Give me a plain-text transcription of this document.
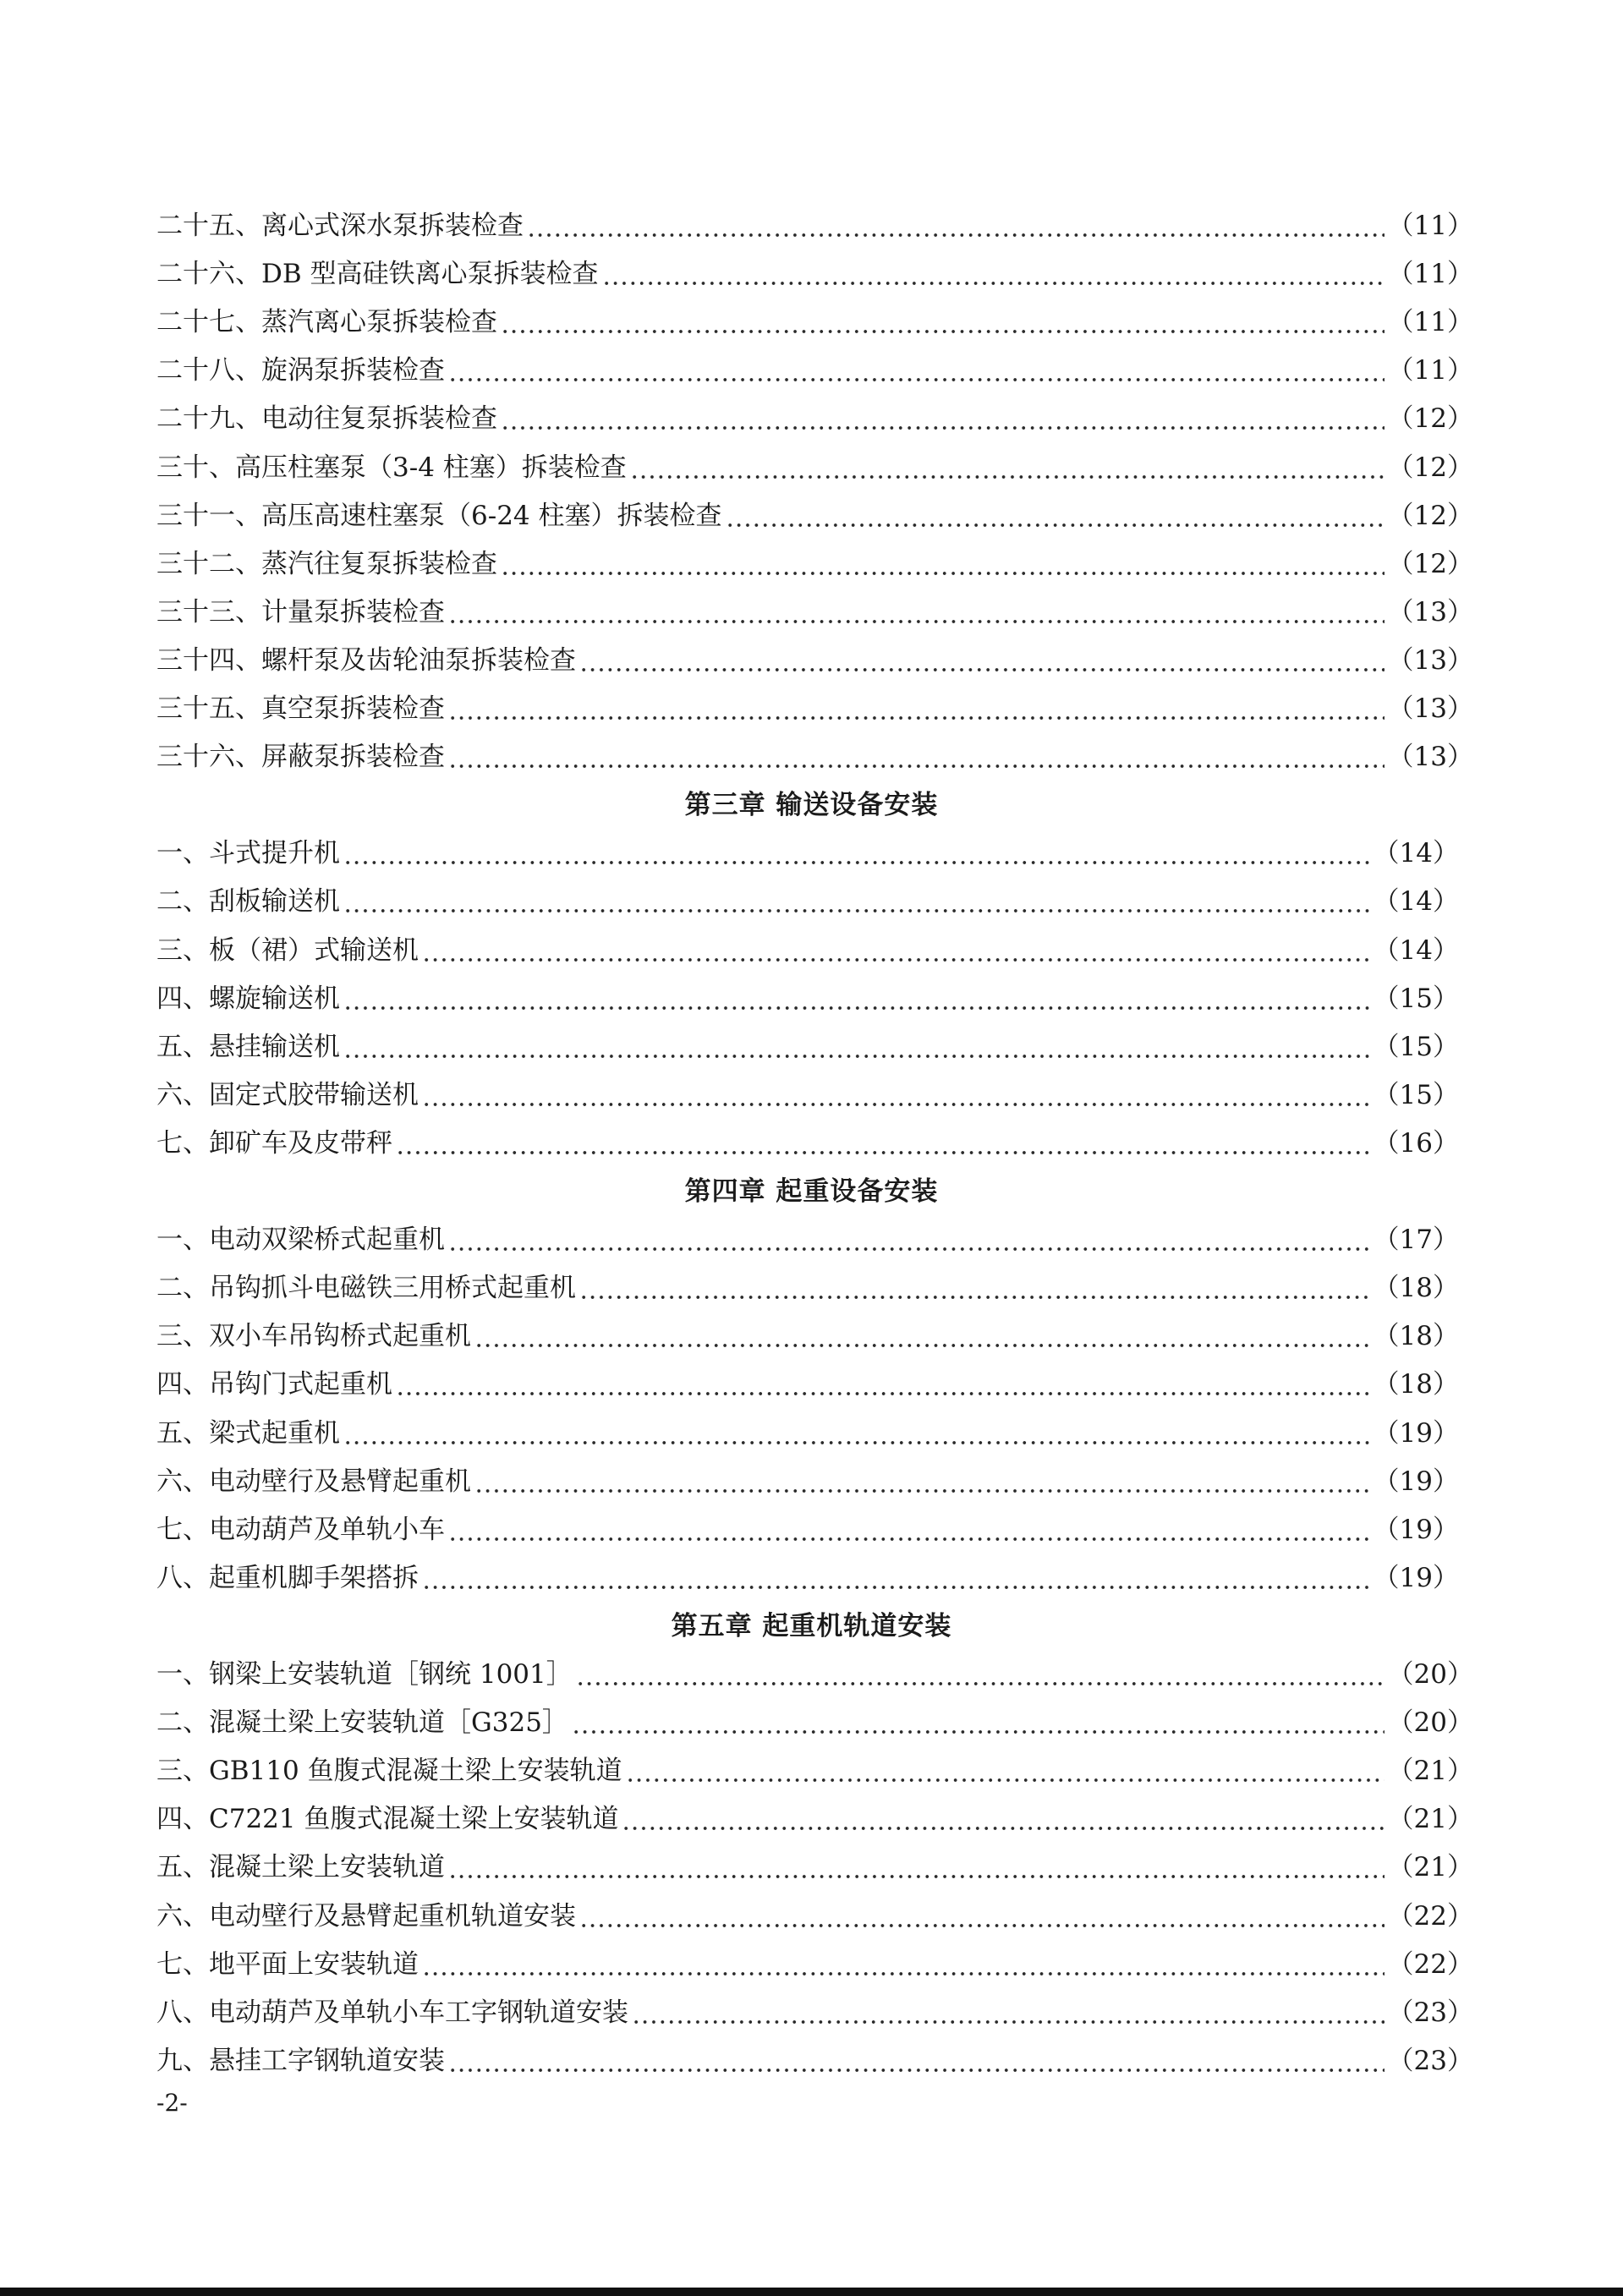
二十五、离心式深水泵拆装检查	（11）
二十六、DB 型高硅铁离心泵拆装检查	（11）
二十七、蒸汽离心泵拆装检查	（11）
二十八、旋涡泵拆装检查	（11）
二十九、电动往复泵拆装检查	（12）
三十、高压柱塞泵（3-4 柱塞）拆装检查	（12）
三十一、高压高速柱塞泵（6-24 柱塞）拆装检查	（12）
三十二、蒸汽往复泵拆装检查	（12）
三十三、计量泵拆装检查	（13）
三十四、螺杆泵及齿轮油泵拆装检查	（13）
三十五、真空泵拆装检查	（13）
三十六、屏蔽泵拆装检查	（13）
第三章 输送设备安装
一、斗式提升机	（14）
二、刮板输送机	（14）
三、板（裙）式输送机	（14）
四、螺旋输送机	（15）
五、悬挂输送机	（15）
六、固定式胶带输送机	（15）
七、卸矿车及皮带秤	（16）
第四章 起重设备安装
一、电动双梁桥式起重机	（17）
二、吊钩抓斗电磁铁三用桥式起重机	（18）
三、双小车吊钩桥式起重机	（18）
四、吊钩门式起重机	（18）
五、梁式起重机	（19）
六、电动壁行及悬臂起重机	（19）
七、电动葫芦及单轨小车	（19）
八、起重机脚手架搭拆	（19）
第五章 起重机轨道安装
一、钢梁上安装轨道［钢统 1001］	（20）
二、混凝土梁上安装轨道［G325］	（20）
三、GB110 鱼腹式混凝土梁上安装轨道	（21）
四、C7221 鱼腹式混凝土梁上安装轨道	（21）
五、混凝土梁上安装轨道	（21）
六、电动壁行及悬臂起重机轨道安装	（22）
七、地平面上安装轨道	（22）
八、电动葫芦及单轨小车工字钢轨道安装	（23）
九、悬挂工字钢轨道安装	（23）
-2-
